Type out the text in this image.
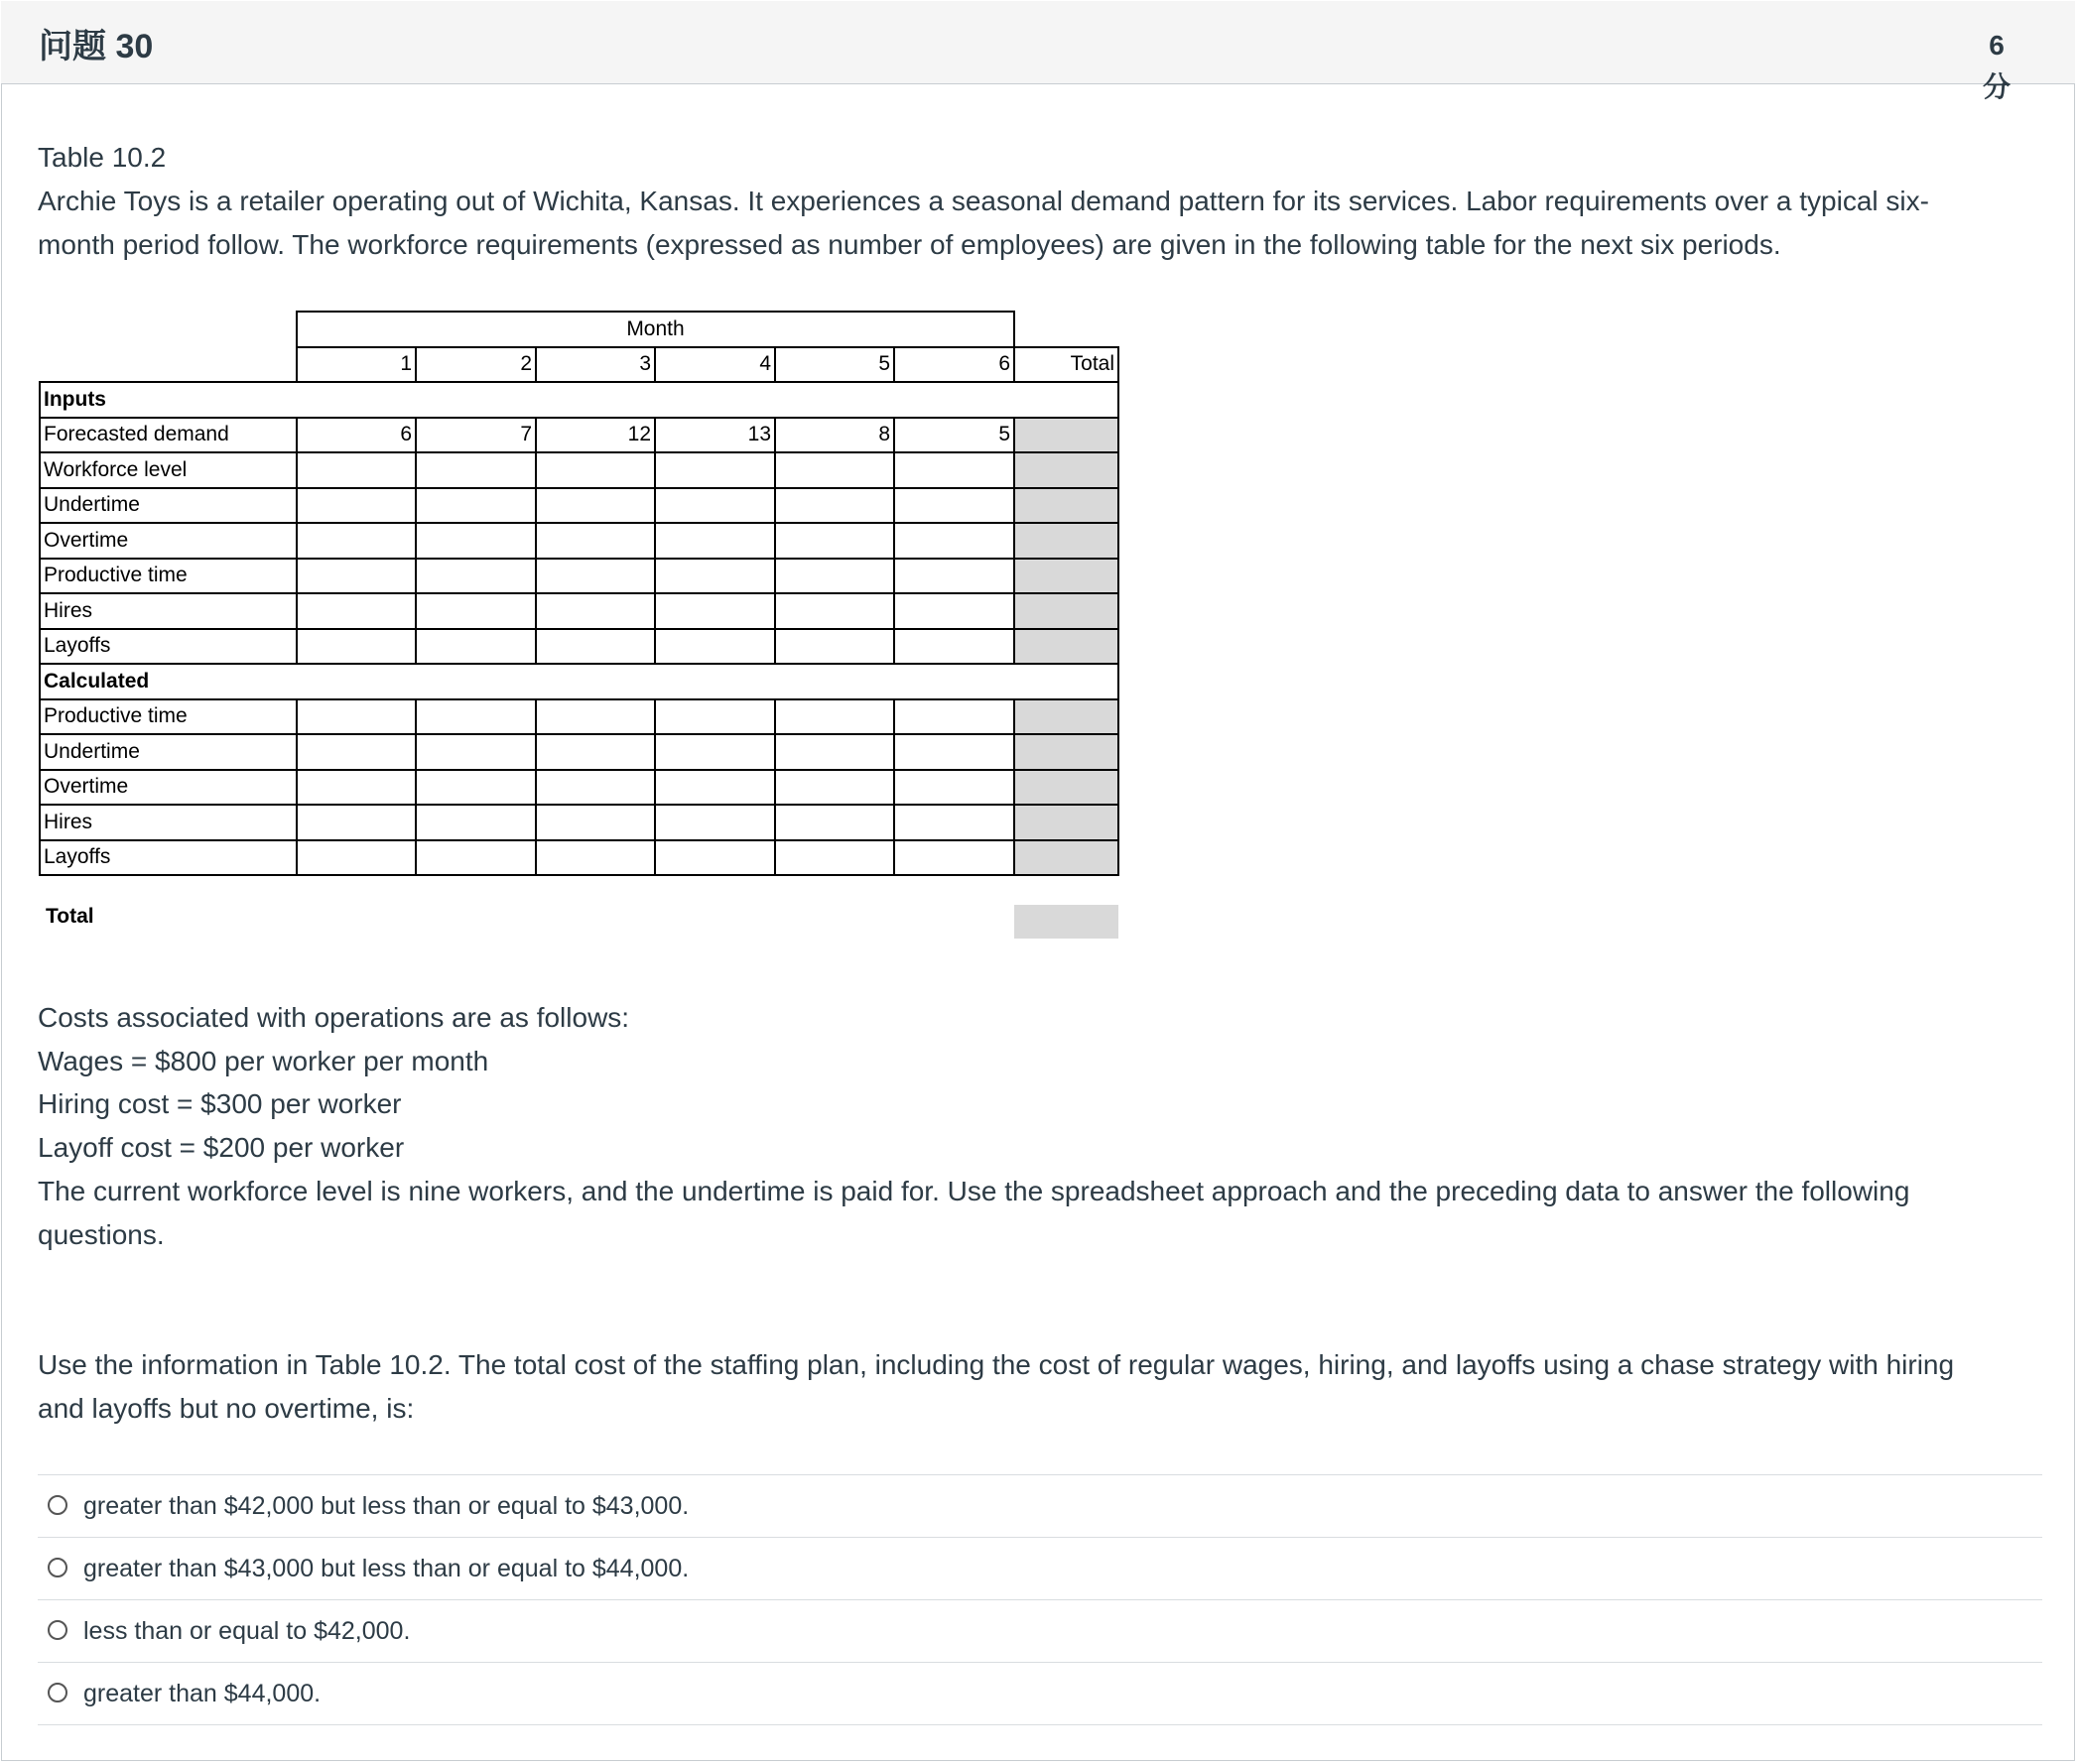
问题 30	6
分

Table 10.2

Archie Toys is a retailer operating out of Wichita, Kansas. It experiences a seasonal demand pattern for its services. Labor requirements over a typical six-

month period follow. The workforce requirements (expressed as number of employees) are given in the following table for the next six periods.

	Month						
	1	2	3	4	5	6	Total
Inputs							
Forecasted demand	6	7	12	13	8	5	
Workforce level							
Undertime							
Overtime							
Productive time							
Hires							
Layoffs							
Calculated							
Productive time							
Undertime							
Overtime							
Hires							
Layoffs							
Total

Costs associated with operations are as follows:

Wages = $800 per worker per month

Hiring cost = $300 per worker

Layoff cost = $200 per worker

The current workforce level is nine workers, and the undertime is paid for. Use the spreadsheet approach and the preceding data to answer the following

questions.

Use the information in Table 10.2. The total cost of the staffing plan, including the cost of regular wages, hiring, and layoffs using a chase strategy with hiring

and layoffs but no overtime, is:

greater than $42,000 but less than or equal to $43,000.
greater than $43,000 but less than or equal to $44,000.
less than or equal to $42,000.
greater than $44,000.
